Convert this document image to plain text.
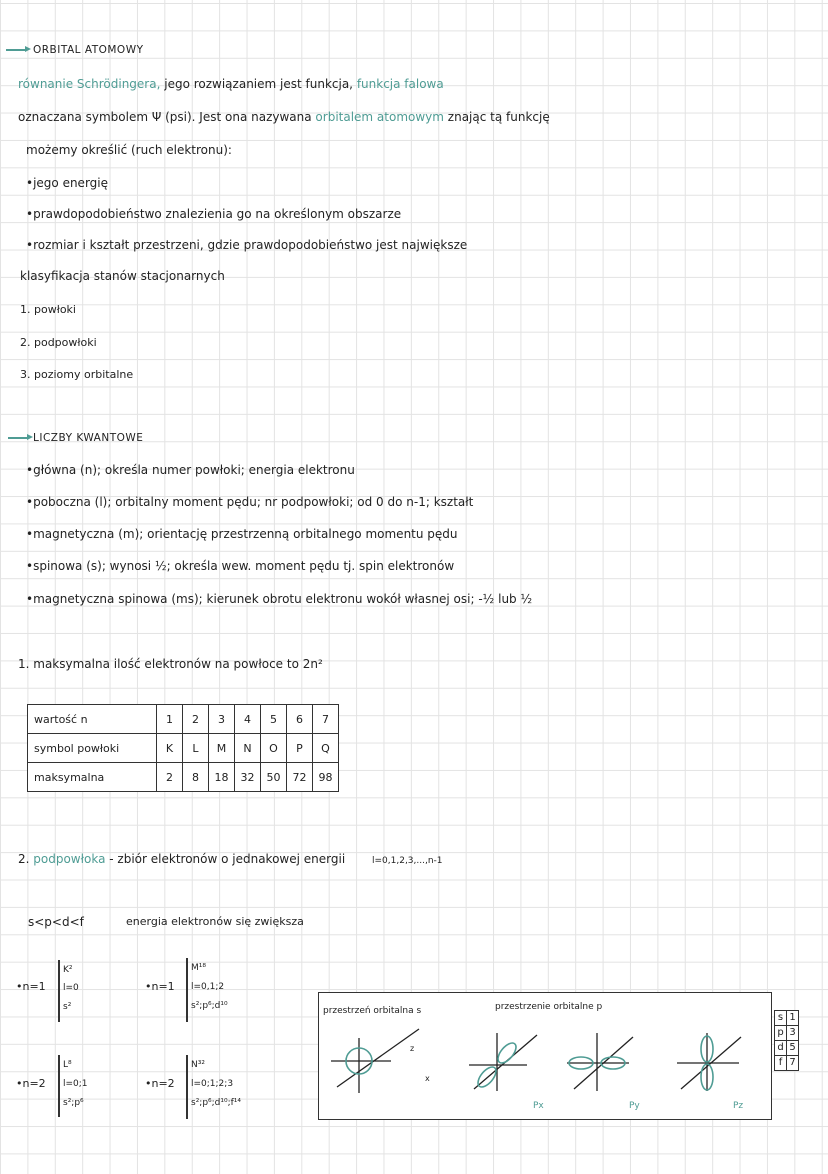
ORBITAL ATOMOWY
równanie Schrödingera, jego rozwiązaniem jest funkcja, funkcja falowa
oznaczana symbolem Ψ (psi). Jest ona nazywana orbitalem atomowym znając tą funkcję
możemy określić (ruch elektronu):
•jego energię
•prawdopodobieństwo znalezienia go na określonym obszarze
•rozmiar i kształt przestrzeni, gdzie prawdopodobieństwo jest największe
klasyfikacja stanów stacjonarnych
1. powłoki
2. podpowłoki
3. poziomy orbitalne
LICZBY KWANTOWE
•główna (n); określa numer powłoki; energia elektronu
•poboczna (l); orbitalny moment pędu; nr podpowłoki; od 0 do n-1; kształt
•magnetyczna (m); orientację przestrzenną orbitalnego momentu pędu
•spinowa (s); wynosi ½; określa wew. moment pędu tj. spin elektronów
•magnetyczna spinowa (ms); kierunek obrotu elektronu wokół własnej osi; -½ lub ½
1. maksymalna ilość elektronów na powłoce to 2n²
wartość n	1	2	3	4	5	6	7
symbol powłoki	K	L	M	N	O	P	Q
maksymalna	2	8	18	32	50	72	98
2. podpowłoka - zbiór elektronów o jednakowej energii	l=0,1,2,3,...,n-1
s<p<d<f	energia elektronów się zwiększa
•n=1
K²
l=0
s²
•n=2
L⁸
l=0;1
s²;p⁶
•n=1
M¹⁸
l=0,1;2
s²;p⁶;d¹⁰
•n=2
N³²
l=0;1;2;3
s²;p⁶;d¹⁰;f¹⁴
przestrzeń orbitalna s	przestrzenie orbitalne p
z
x
Px	Py	Pz
s	1
p	3
d	5
f	7
